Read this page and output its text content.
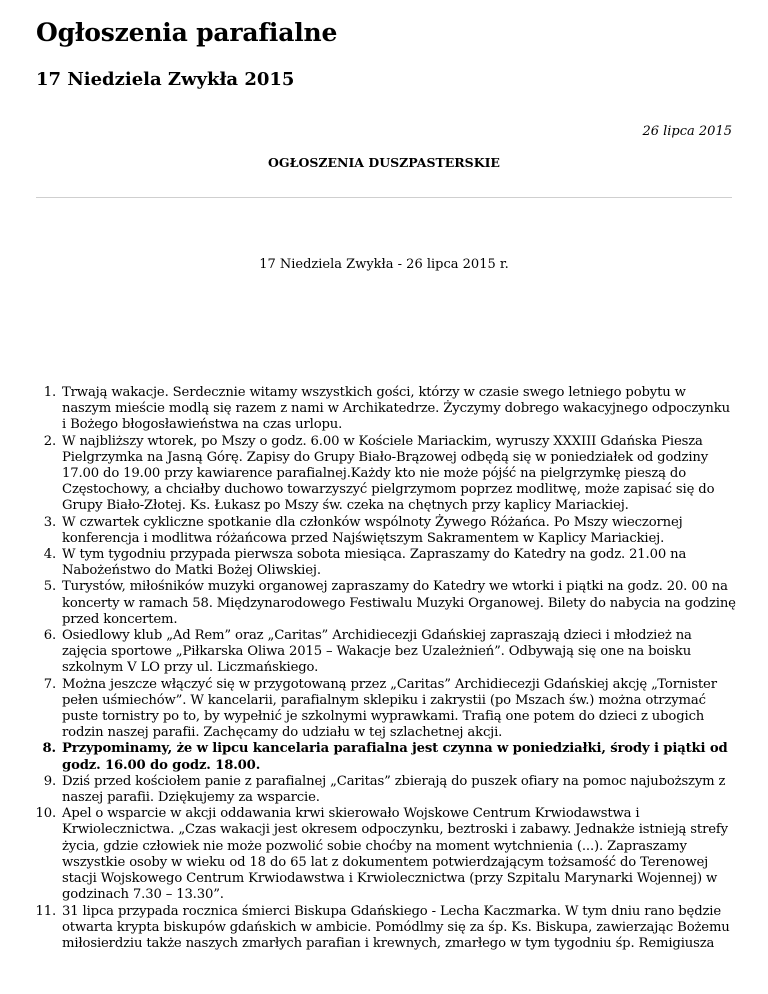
Ogłoszenia parafialne
17 Niedziela Zwykła 2015
26 lipca 2015
OGŁOSZENIA DUSZPASTERSKIE
17 Niedziela Zwykła - 26 lipca 2015 r.
1. Trwają wakacje. Serdecznie witamy wszystkich gości, którzy w czasie swego letniego pobytu w naszym mieście modlą się razem z nami w Archikatedrze. Życzymy dobrego wakacyjnego odpoczynku i Bożego błogosławieństwa na czas urlopu.
2. W najbliższy wtorek, po Mszy o godz. 6.00 w Kościele Mariackim, wyruszy XXXIII Gdańska Piesza Pielgrzymka na Jasną Górę. Zapisy do Grupy Biało-Brązowej odbędą się w poniedziałek od godziny 17.00 do 19.00 przy kawiarence parafialnej.Każdy kto nie może pójść na pielgrzymkę pieszą do Częstochowy, a chciałby duchowo towarzyszyć pielgrzymom poprzez modlitwę, może zapisać się do Grupy Biało-Złotej. Ks. Łukasz po Mszy św. czeka na chętnych przy kaplicy Mariackiej.
3. W czwartek cykliczne spotkanie dla członków wspólnoty Żywego Różańca. Po Mszy wieczornej konferencja i modlitwa różańcowa przed Najświętszym Sakramentem w Kaplicy Mariackiej.
4. W tym tygodniu przypada pierwsza sobota miesiąca. Zapraszamy do Katedry na godz. 21.00 na Nabożeństwo do Matki Bożej Oliwskiej.
5. Turystów, miłośników muzyki organowej zapraszamy do Katedry we wtorki i piątki na godz. 20. 00 na koncerty w ramach 58. Międzynarodowego Festiwalu Muzyki Organowej. Bilety do nabycia na godzinę przed koncertem.
6. Osiedlowy klub „Ad Rem” oraz „Caritas” Archidiecezji Gdańskiej zapraszają dzieci i młodzież na zajęcia sportowe „Piłkarska Oliwa 2015 – Wakacje bez Uzależnień”. Odbywają się one na boisku szkolnym V LO przy ul. Liczmańskiego.
7. Można jeszcze włączyć się w przygotowaną przez „Caritas” Archidiecezji Gdańskiej akcję „Tornister pełen uśmiechów”. W kancelarii, parafialnym sklepiku i zakrystii (po Mszach św.) można otrzymać puste tornistry po to, by wypełnić je szkolnymi wyprawkami. Trafią one potem do dzieci z ubogich rodzin naszej parafii. Zachęcamy do udziału w tej szlachetnej akcji.
8. Przypominamy, że w lipcu kancelaria parafialna jest czynna w poniedziałki, środy i piątki od godz. 16.00 do godz. 18.00.
9. Dziś przed kościołem panie z parafialnej „Caritas” zbierają do puszek ofiary na pomoc najuboższym z naszej parafii. Dziękujemy za wsparcie.
10. Apel o wsparcie w akcji oddawania krwi skierowało Wojskowe Centrum Krwiodawstwa i Krwiolecznictwa. „Czas wakacji jest okresem odpoczynku, beztroski i zabawy. Jednakże istnieją strefy życia, gdzie człowiek nie może pozwolić sobie choćby na moment wytchnienia (...). Zapraszamy wszystkie osoby w wieku od 18 do 65 lat z dokumentem potwierdzającym tożsamość do Terenowej stacji Wojskowego Centrum Krwiodawstwa i Krwiolecznictwa (przy Szpitalu Marynarki Wojennej) w godzinach 7.30 – 13.30”.
11. 31 lipca przypada rocznica śmierci Biskupa Gdańskiego - Lecha Kaczmarka. W tym dniu rano będzie otwarta krypta biskupów gdańskich w ambicie. Pomódlmy się za śp. Ks. Biskupa, zawierzając Bożemu miłosierdziu także naszych zmarłych parafian i krewnych, zmarłego w tym tygodniu śp. Remigiusza
